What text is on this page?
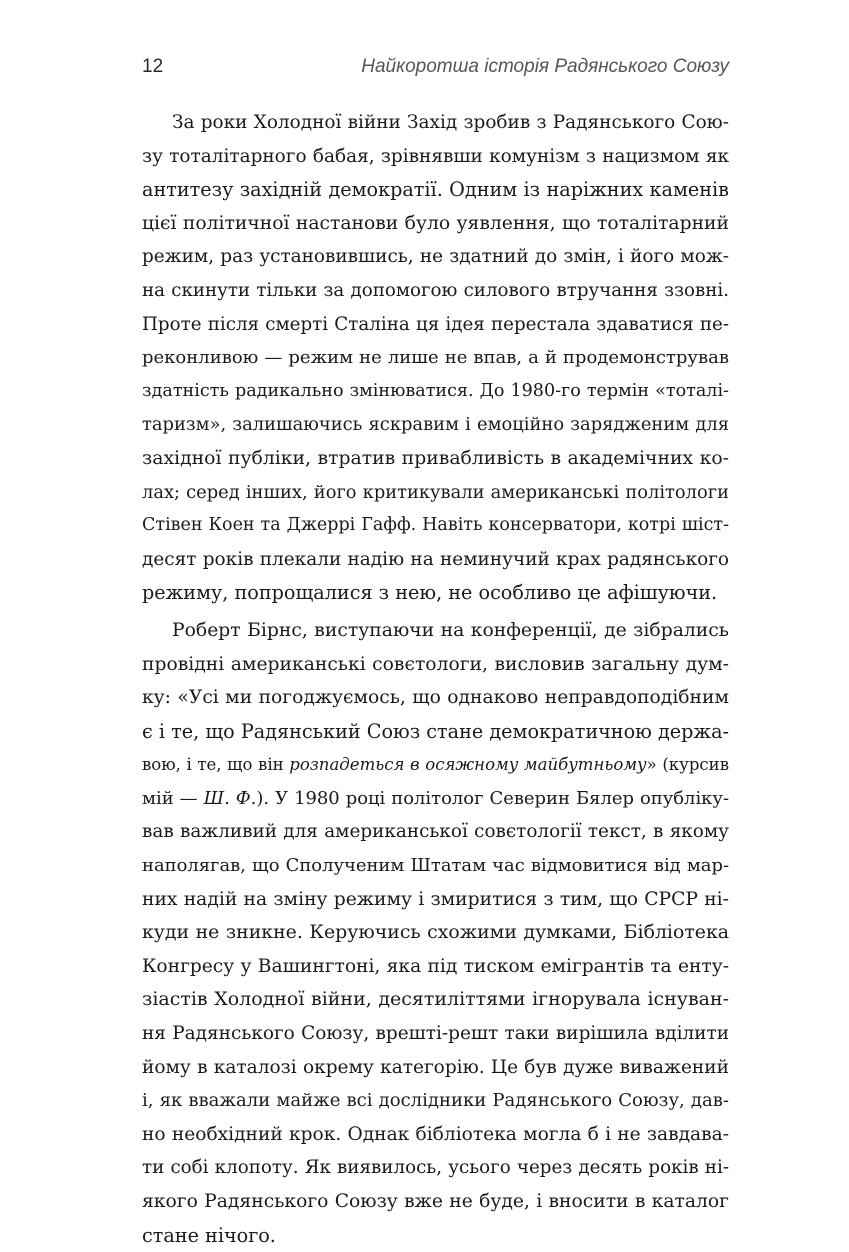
12	Найкоротша історія Радянського Союзу
За роки Холодної війни Захід зробив з Радянського Сою-
зу тоталітарного бабая, зрівнявши комунізм з нацизмом як
антитезу західній демократії. Одним із наріжних каменів
цієї політичної настанови було уявлення, що тоталітарний
режим, раз установившись, не здатний до змін, і його мож-
на скинути тільки за допомогою силового втручання ззовні.
Проте після смерті Сталіна ця ідея перестала здаватися пе-
реконливою — режим не лише не впав, а й продемонстрував
здатність радикально змінюватися. До 1980-го термін «тоталі-
таризм», залишаючись яскравим і емоційно зарядженим для
західної публіки, втратив привабливість в академічних ко-
лах; серед інших, його критикували американські політологи
Стівен Коен та Джеррі Гафф. Навіть консерватори, котрі шіст-
десят років плекали надію на неминучий крах радянського
режиму, попрощалися з нею, не особливо це афішуючи.
Роберт Бірнс, виступаючи на конференції, де зібрались
провідні американські совєтологи, висловив загальну дум-
ку: «Усі ми погоджуємось, що однаково неправдоподібним
є і те, що Радянський Союз стане демократичною держа-
вою, і те, що він розпадеться в осяжному майбутньому» (курсив
мій — Ш. Ф.). У 1980 році політолог Северин Бялер опубліку-
вав важливий для американської совєтології текст, в якому
наполягав, що Сполученим Штатам час відмовитися від мар-
них надій на зміну режиму і змиритися з тим, що СРСР ні-
куди не зникне. Керуючись схожими думками, Бібліотека
Конгресу у Вашингтоні, яка під тиском емігрантів та енту-
зіастів Холодної війни, десятиліттями ігнорувала існуван-
ня Радянського Союзу, врешті-решт таки вирішила вділити
йому в каталозі окрему категорію. Це був дуже виважений
і, як вважали майже всі дослідники Радянського Союзу, дав-
но необхідний крок. Однак бібліотека могла б і не завдава-
ти собі клопоту. Як виявилось, усього через десять років ні-
якого Радянського Союзу вже не буде, і вносити в каталог
стане нічого.
